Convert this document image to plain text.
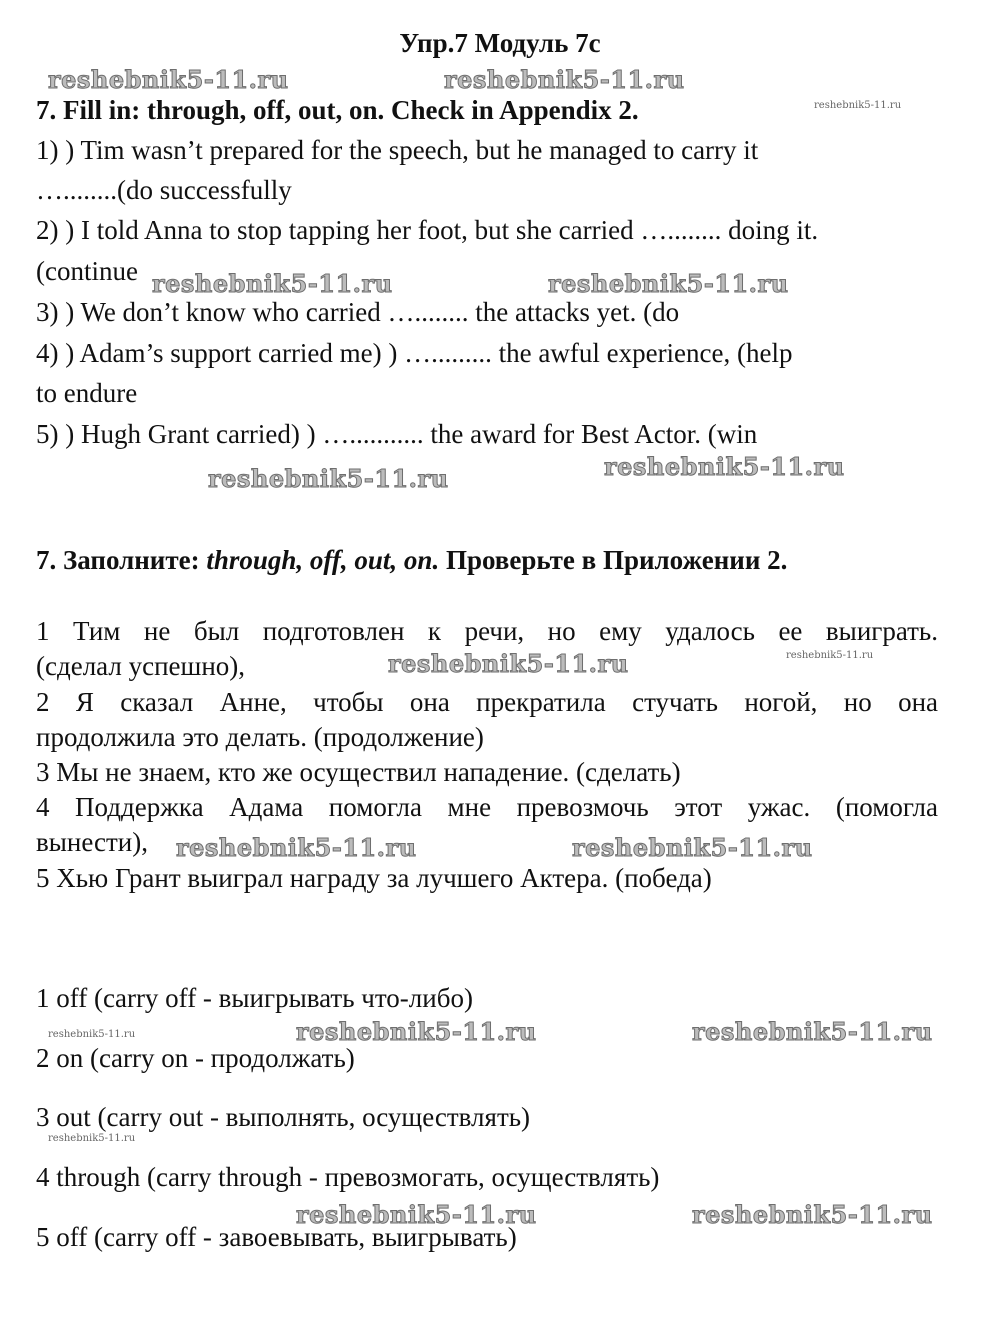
Упр.7 Модуль 7c
reshebnik5-11.ru	reshebnik5-11.ru
reshebnik5-11.ru
7. Fill in: through, off, out, on. Check in Appendix 2.
1) ) Tim wasn’t prepared for the speech, but he managed to carry it
…........(do successfully
2) ) I told Anna to stop tapping her foot, but she carried …........ doing it.
(continue reshebnik5-11.ru	reshebnik5-11.ru
3) ) We don’t know who carried …........ the attacks yet. (do
4) ) Adam’s support carried me) ) …......... the awful experience, (help
to endure
5) ) Hugh Grant carried) ) …........... the award for Best Actor. (win
reshebnik5-11.ru
reshebnik5-11.ru
7. Заполните: through, off, out, on. Проверьте в Приложении 2.
1 Тим не был подготовлен к речи, но ему удалось ее выиграть.
(сделал успешно),	reshebnik5-11.ru	reshebnik5-11.ru
2 Я сказал Анне, чтобы она прекратила стучать ногой, но она
продолжила это делать. (продолжение)
3 Мы не знаем, кто же осуществил нападение. (сделать)
4 Поддержка Адама помогла мне превозмочь этот ужас. (помогла
вынести), reshebnik5-11.ru	reshebnik5-11.ru
5 Хью Грант выиграл награду за лучшего Актера. (победа)
1 off (carry off - выигрывать что-либо)
reshebnik5-11.ru	reshebnik5-11.ru	reshebnik5-11.ru
2 on (carry on - продолжать)
3 out (carry out - выполнять, осуществлять)
reshebnik5-11.ru
4 through (carry through - превозмогать, осуществлять)
reshebnik5-11.ru	reshebnik5-11.ru
5 off (carry off - завоевывать, выигрывать)
